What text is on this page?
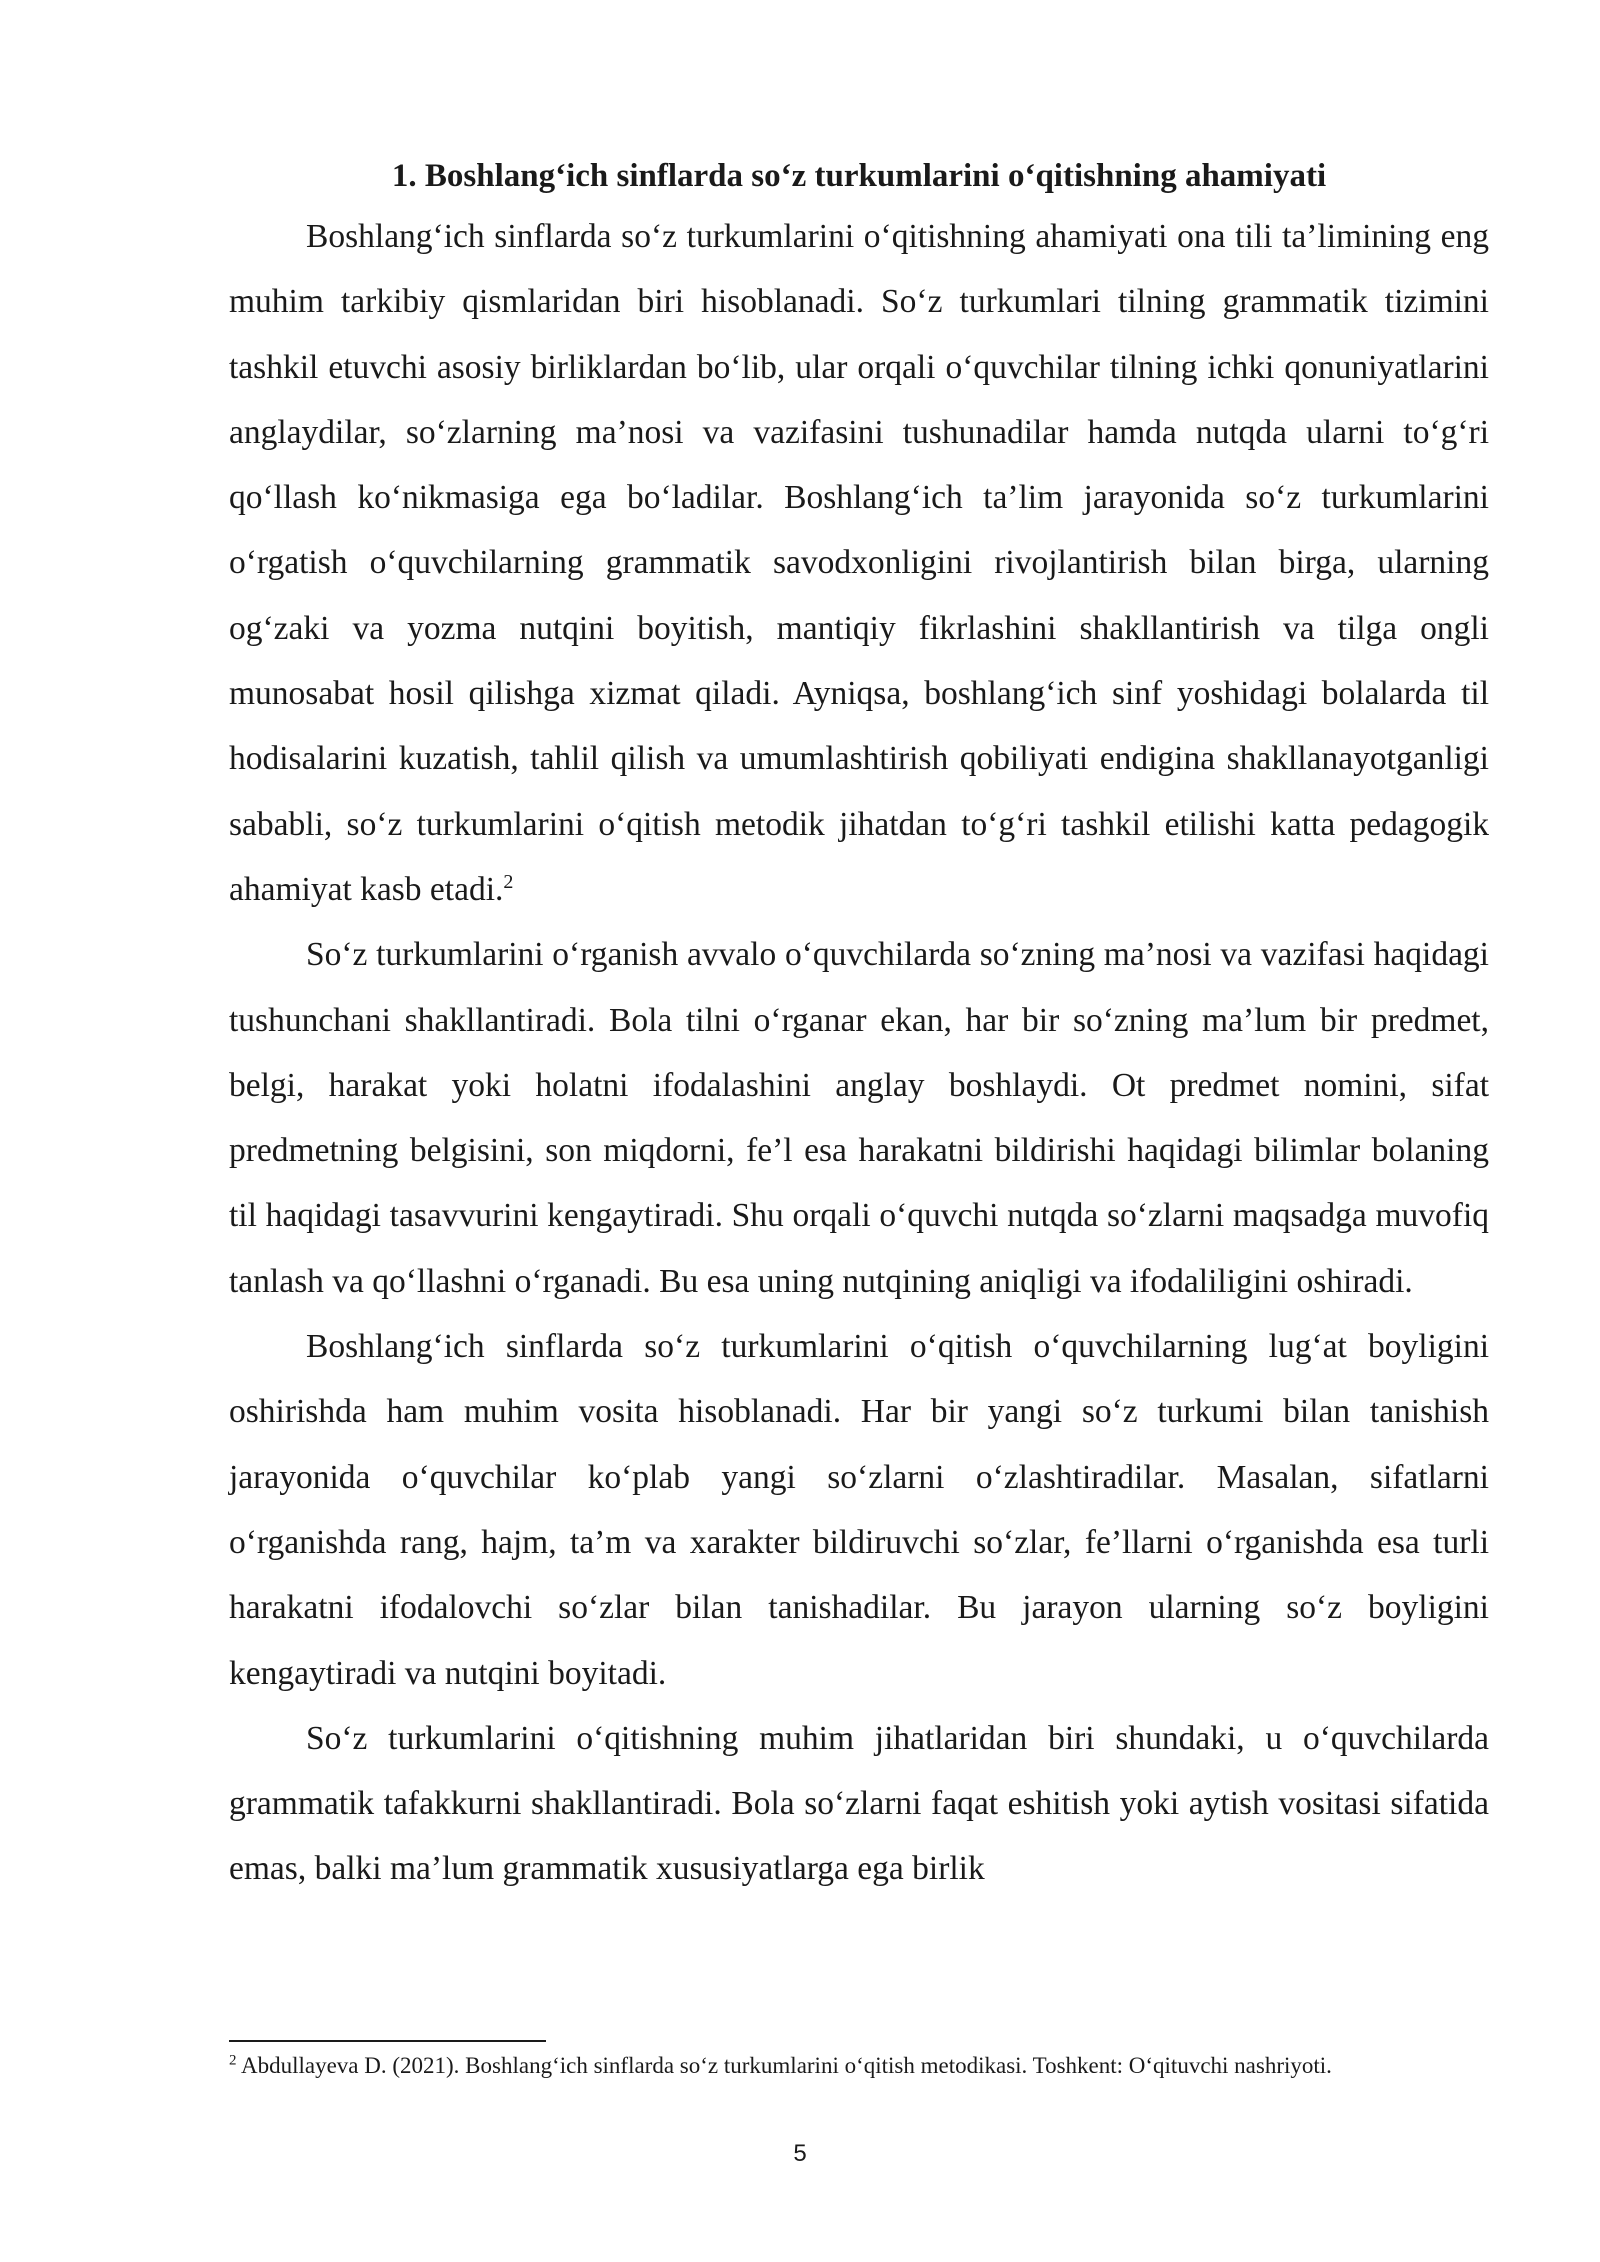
1. Boshlang‘ich sinflarda so‘z turkumlarini o‘qitishning ahamiyati

Boshlang‘ich sinflarda so‘z turkumlarini o‘qitishning ahamiyati ona tili ta’limining eng muhim tarkibiy qismlaridan biri hisoblanadi. So‘z turkumlari tilning grammatik tizimini tashkil etuvchi asosiy birliklardan bo‘lib, ular orqali o‘quvchilar tilning ichki qonuniyatlarini anglaydilar, so‘zlarning ma’nosi va vazifasini tushunadilar hamda nutqda ularni to‘g‘ri qo‘llash ko‘nikmasiga ega bo‘ladilar. Boshlang‘ich ta’lim jarayonida so‘z turkumlarini o‘rgatish o‘quvchilarning grammatik savodxonligini rivojlantirish bilan birga, ularning og‘zaki va yozma nutqini boyitish, mantiqiy fikrlashini shakllantirish va tilga ongli munosabat hosil qilishga xizmat qiladi. Ayniqsa, boshlang‘ich sinf yoshidagi bolalarda til hodisalarini kuzatish, tahlil qilish va umumlashtirish qobiliyati endigina shakllanayotganligi sababli, so‘z turkumlarini o‘qitish metodik jihatdan to‘g‘ri tashkil etilishi katta pedagogik ahamiyat kasb etadi.$^2$

So‘z turkumlarini o‘rganish avvalo o‘quvchilarda so‘zning ma’nosi va vazifasi haqidagi tushunchani shakllantiradi. Bola tilni o‘rganar ekan, har bir so‘zning ma’lum bir predmet, belgi, harakat yoki holatni ifodalashini anglay boshlaydi. Ot predmet nomini, sifat predmetning belgisini, son miqdorni, fe’l esa harakatni bildirishi haqidagi bilimlar bolaning til haqidagi tasavvurini kengaytiradi. Shu orqali o‘quvchi nutqda so‘zlarni maqsadga muvofiq tanlash va qo‘llashni o‘rganadi. Bu esa uning nutqining aniqligi va ifodaliligini oshiradi.

Boshlang‘ich sinflarda so‘z turkumlarini o‘qitish o‘quvchilarning lug‘at boyligini oshirishda ham muhim vosita hisoblanadi. Har bir yangi so‘z turkumi bilan tanishish jarayonida o‘quvchilar ko‘plab yangi so‘zlarni o‘zlashtiradilar. Masalan, sifatlarni o‘rganishda rang, hajm, ta’m va xarakter bildiruvchi so‘zlar, fe’llarni o‘rganishda esa turli harakatni ifodalovchi so‘zlar bilan tanishadilar. Bu jarayon ularning so‘z boyligini kengaytiradi va nutqini boyitadi.

So‘z turkumlarini o‘qitishning muhim jihatlaridan biri shundaki, u o‘quvchilarda grammatik tafakkurni shakllantiradi. Bola so‘zlarni faqat eshitish yoki aytish vositasi sifatida emas, balki ma’lum grammatik xususiyatlarga ega birlik

$^2$ Abdullayeva D. (2021). Boshlang‘ich sinflarda so‘z turkumlarini o‘qitish metodikasi. Toshkent: O‘qituvchi nashriyoti.
5
